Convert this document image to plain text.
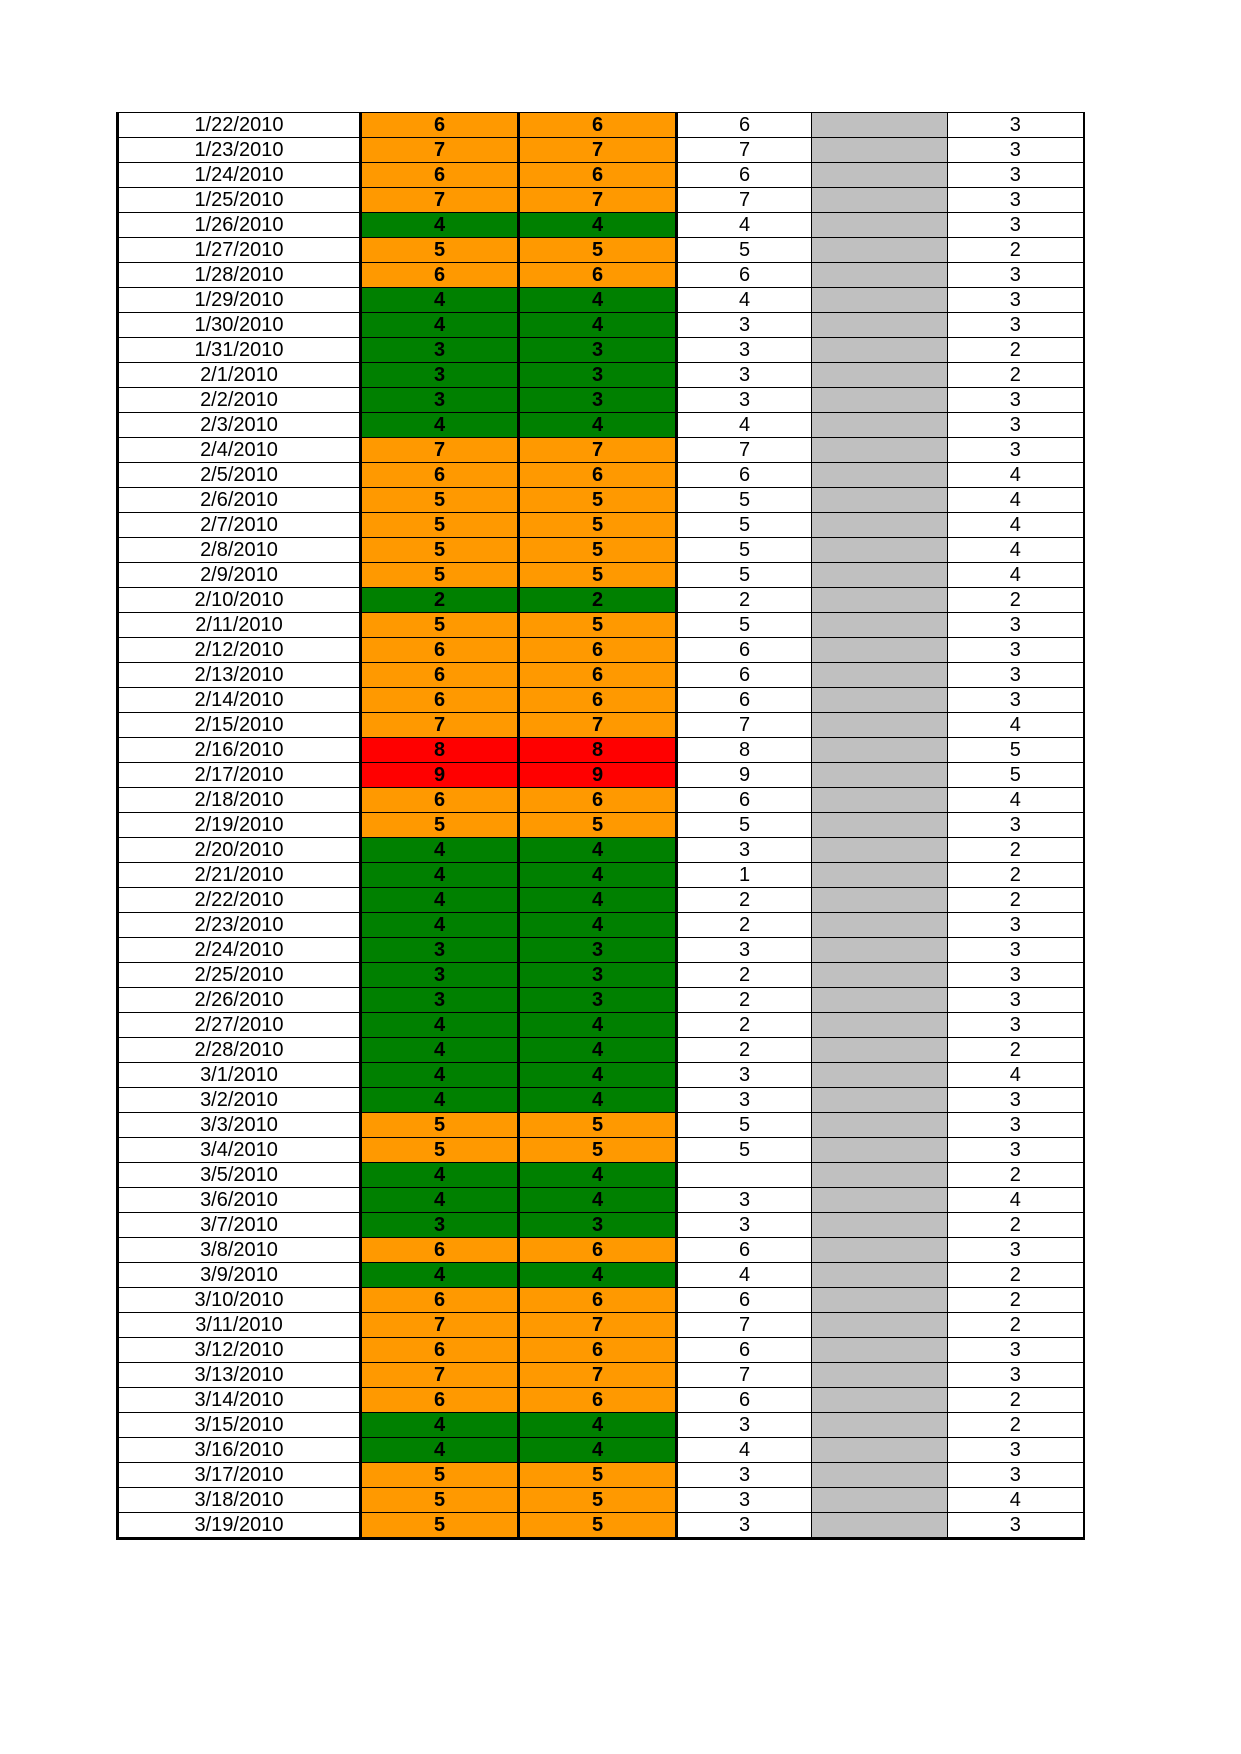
1/22/2010	6	6	6		3
1/23/2010	7	7	7		3
1/24/2010	6	6	6		3
1/25/2010	7	7	7		3
1/26/2010	4	4	4		3
1/27/2010	5	5	5		2
1/28/2010	6	6	6		3
1/29/2010	4	4	4		3
1/30/2010	4	4	3		3
1/31/2010	3	3	3		2
2/1/2010	3	3	3		2
2/2/2010	3	3	3		3
2/3/2010	4	4	4		3
2/4/2010	7	7	7		3
2/5/2010	6	6	6		4
2/6/2010	5	5	5		4
2/7/2010	5	5	5		4
2/8/2010	5	5	5		4
2/9/2010	5	5	5		4
2/10/2010	2	2	2		2
2/11/2010	5	5	5		3
2/12/2010	6	6	6		3
2/13/2010	6	6	6		3
2/14/2010	6	6	6		3
2/15/2010	7	7	7		4
2/16/2010	8	8	8		5
2/17/2010	9	9	9		5
2/18/2010	6	6	6		4
2/19/2010	5	5	5		3
2/20/2010	4	4	3		2
2/21/2010	4	4	1		2
2/22/2010	4	4	2		2
2/23/2010	4	4	2		3
2/24/2010	3	3	3		3
2/25/2010	3	3	2		3
2/26/2010	3	3	2		3
2/27/2010	4	4	2		3
2/28/2010	4	4	2		2
3/1/2010	4	4	3		4
3/2/2010	4	4	3		3
3/3/2010	5	5	5		3
3/4/2010	5	5	5		3
3/5/2010	4	4			2
3/6/2010	4	4	3		4
3/7/2010	3	3	3		2
3/8/2010	6	6	6		3
3/9/2010	4	4	4		2
3/10/2010	6	6	6		2
3/11/2010	7	7	7		2
3/12/2010	6	6	6		3
3/13/2010	7	7	7		3
3/14/2010	6	6	6		2
3/15/2010	4	4	3		2
3/16/2010	4	4	4		3
3/17/2010	5	5	3		3
3/18/2010	5	5	3		4
3/19/2010	5	5	3		3
